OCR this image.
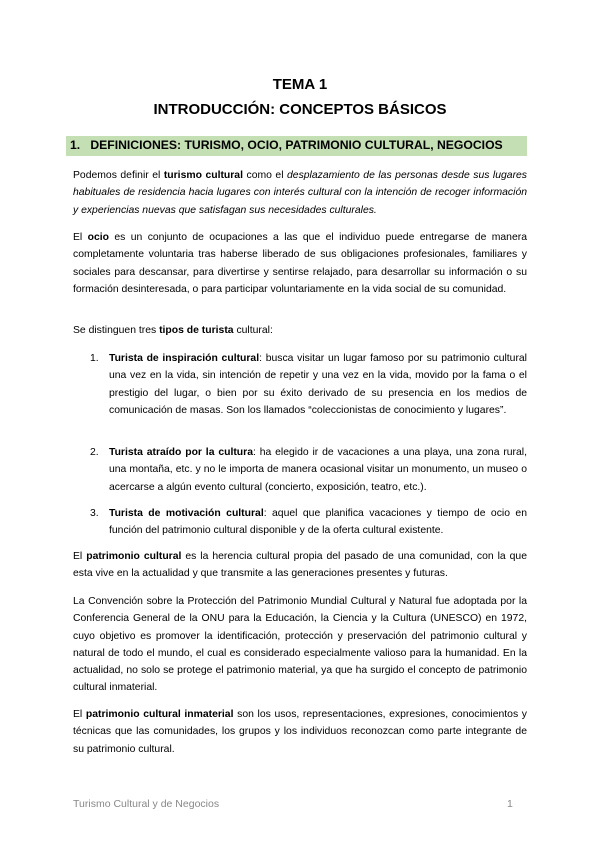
TEMA 1
INTRODUCCIÓN: CONCEPTOS BÁSICOS
1. DEFINICIONES: TURISMO, OCIO, PATRIMONIO CULTURAL, NEGOCIOS

Podemos definir el turismo cultural como el desplazamiento de las personas desde sus lugares habituales de residencia hacia lugares con interés cultural con la intención de recoger información y experiencias nuevas que satisfagan sus necesidades culturales.

El ocio es un conjunto de ocupaciones a las que el individuo puede entregarse de manera completamente voluntaria tras haberse liberado de sus obligaciones profesionales, familiares y sociales para descansar, para divertirse y sentirse relajado, para desarrollar su información o su formación desinteresada, o para participar voluntariamente en la vida social de su comunidad.

Se distinguen tres tipos de turista cultural:

1. Turista de inspiración cultural: busca visitar un lugar famoso por su patrimonio cultural una vez en la vida, sin intención de repetir y una vez en la vida, movido por la fama o el prestigio del lugar, o bien por su éxito derivado de su presencia en los medios de comunicación de masas. Son los llamados “coleccionistas de conocimiento y lugares”.
2. Turista atraído por la cultura: ha elegido ir de vacaciones a una playa, una zona rural, una montaña, etc. y no le importa de manera ocasional visitar un monumento, un museo o acercarse a algún evento cultural (concierto, exposición, teatro, etc.).
3. Turista de motivación cultural: aquel que planifica vacaciones y tiempo de ocio en función del patrimonio cultural disponible y de la oferta cultural existente.

El patrimonio cultural es la herencia cultural propia del pasado de una comunidad, con la que esta vive en la actualidad y que transmite a las generaciones presentes y futuras.

La Convención sobre la Protección del Patrimonio Mundial Cultural y Natural fue adoptada por la Conferencia General de la ONU para la Educación, la Ciencia y la Cultura (UNESCO) en 1972, cuyo objetivo es promover la identificación, protección y preservación del patrimonio cultural y natural de todo el mundo, el cual es considerado especialmente valioso para la humanidad. En la actualidad, no solo se protege el patrimonio material, ya que ha surgido el concepto de patrimonio cultural inmaterial.

El patrimonio cultural inmaterial son los usos, representaciones, expresiones, conocimientos y técnicas que las comunidades, los grupos y los individuos reconozcan como parte integrante de su patrimonio cultural.

Turismo Cultural y de Negocios	1
